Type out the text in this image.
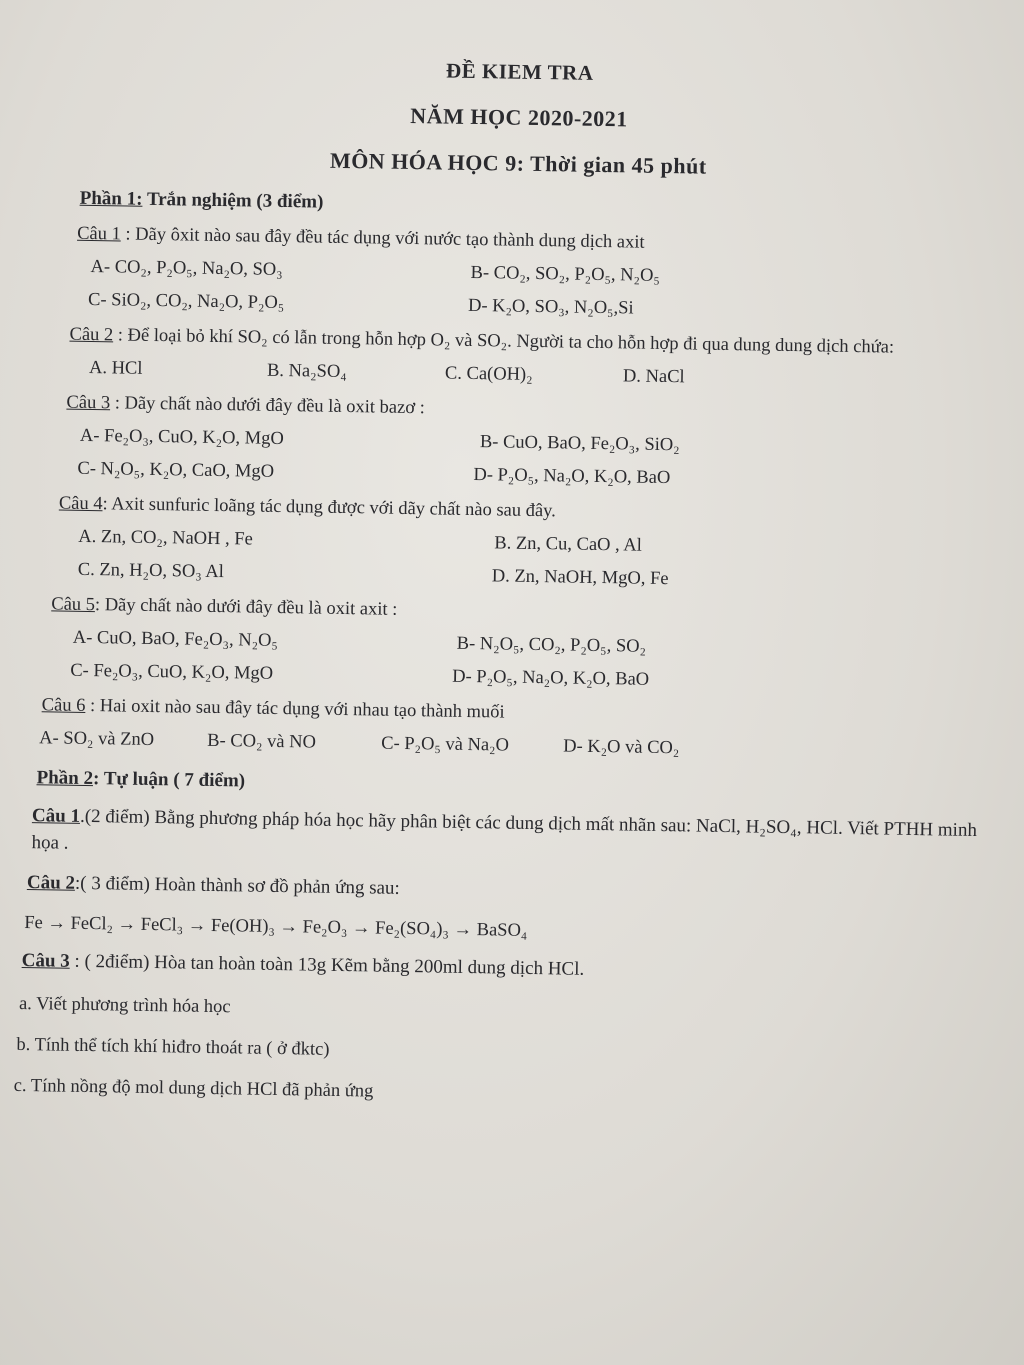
ĐỀ KIEM TRA
NĂM HỌC 2020-2021
MÔN HÓA HỌC 9: Thời gian 45 phút
Phần 1: Trắn nghiệm (3 điểm)
Câu 1 : Dãy ôxit nào sau đây đều tác dụng với nước tạo thành dung dịch axit
A- CO₂, P₂O₅, Na₂O, SO₃	B- CO₂, SO₂, P₂O₅, N₂O₅
C- SiO₂, CO₂, Na₂O, P₂O₅	D- K₂O, SO₃, N₂O₅,Si
Câu 2 : Để loại bỏ khí SO₂ có lẫn trong hỗn hợp O₂ và SO₂. Người ta cho hỗn hợp đi qua dung dung dịch chứa:
A. HCl	B. Na₂SO₄	C. Ca(OH)₂	D. NaCl
Câu 3 : Dãy chất nào dưới đây đều là oxit bazơ :
A- Fe₂O₃, CuO, K₂O, MgO	B- CuO, BaO, Fe₂O₃, SiO₂
C- N₂O₅, K₂O, CaO, MgO	D- P₂O₅, Na₂O, K₂O, BaO
Câu 4: Axit sunfuric loãng tác dụng được với dãy chất nào sau đây.
A. Zn, CO₂, NaOH , Fe	B. Zn, Cu, CaO , Al
C. Zn, H₂O, SO₃ Al	D. Zn, NaOH, MgO, Fe
Câu 5: Dãy chất nào dưới đây đều là oxit axit :
A- CuO, BaO, Fe₂O₃, N₂O₅	B- N₂O₅, CO₂, P₂O₅, SO₂
C- Fe₂O₃, CuO, K₂O, MgO	D- P₂O₅, Na₂O, K₂O, BaO
Câu 6 : Hai oxit nào sau đây tác dụng với nhau tạo thành muối
A- SO₂ và ZnO	B- CO₂ và NO	C- P₂O₅ và Na₂O	D- K₂O và CO₂
Phần 2: Tự luận ( 7 điểm)
Câu 1.(2 điểm) Bằng phương pháp hóa học hãy phân biệt các dung dịch mất nhãn sau: NaCl, H₂SO₄, HCl. Viết PTHH minh họa .
Câu 2:( 3 điểm) Hoàn thành sơ đồ phản ứng sau:
Fe → FeCl₂ → FeCl₃ → Fe(OH)₃ → Fe₂O₃ → Fe₂(SO₄)₃ → BaSO₄
Câu 3 : ( 2điểm) Hòa tan hoàn toàn 13g Kẽm bằng 200ml dung dịch HCl.
a. Viết phương trình hóa học
b. Tính thể tích khí hiđro thoát ra ( ở đktc)
c. Tính nồng độ mol dung dịch HCl đã phản ứng
